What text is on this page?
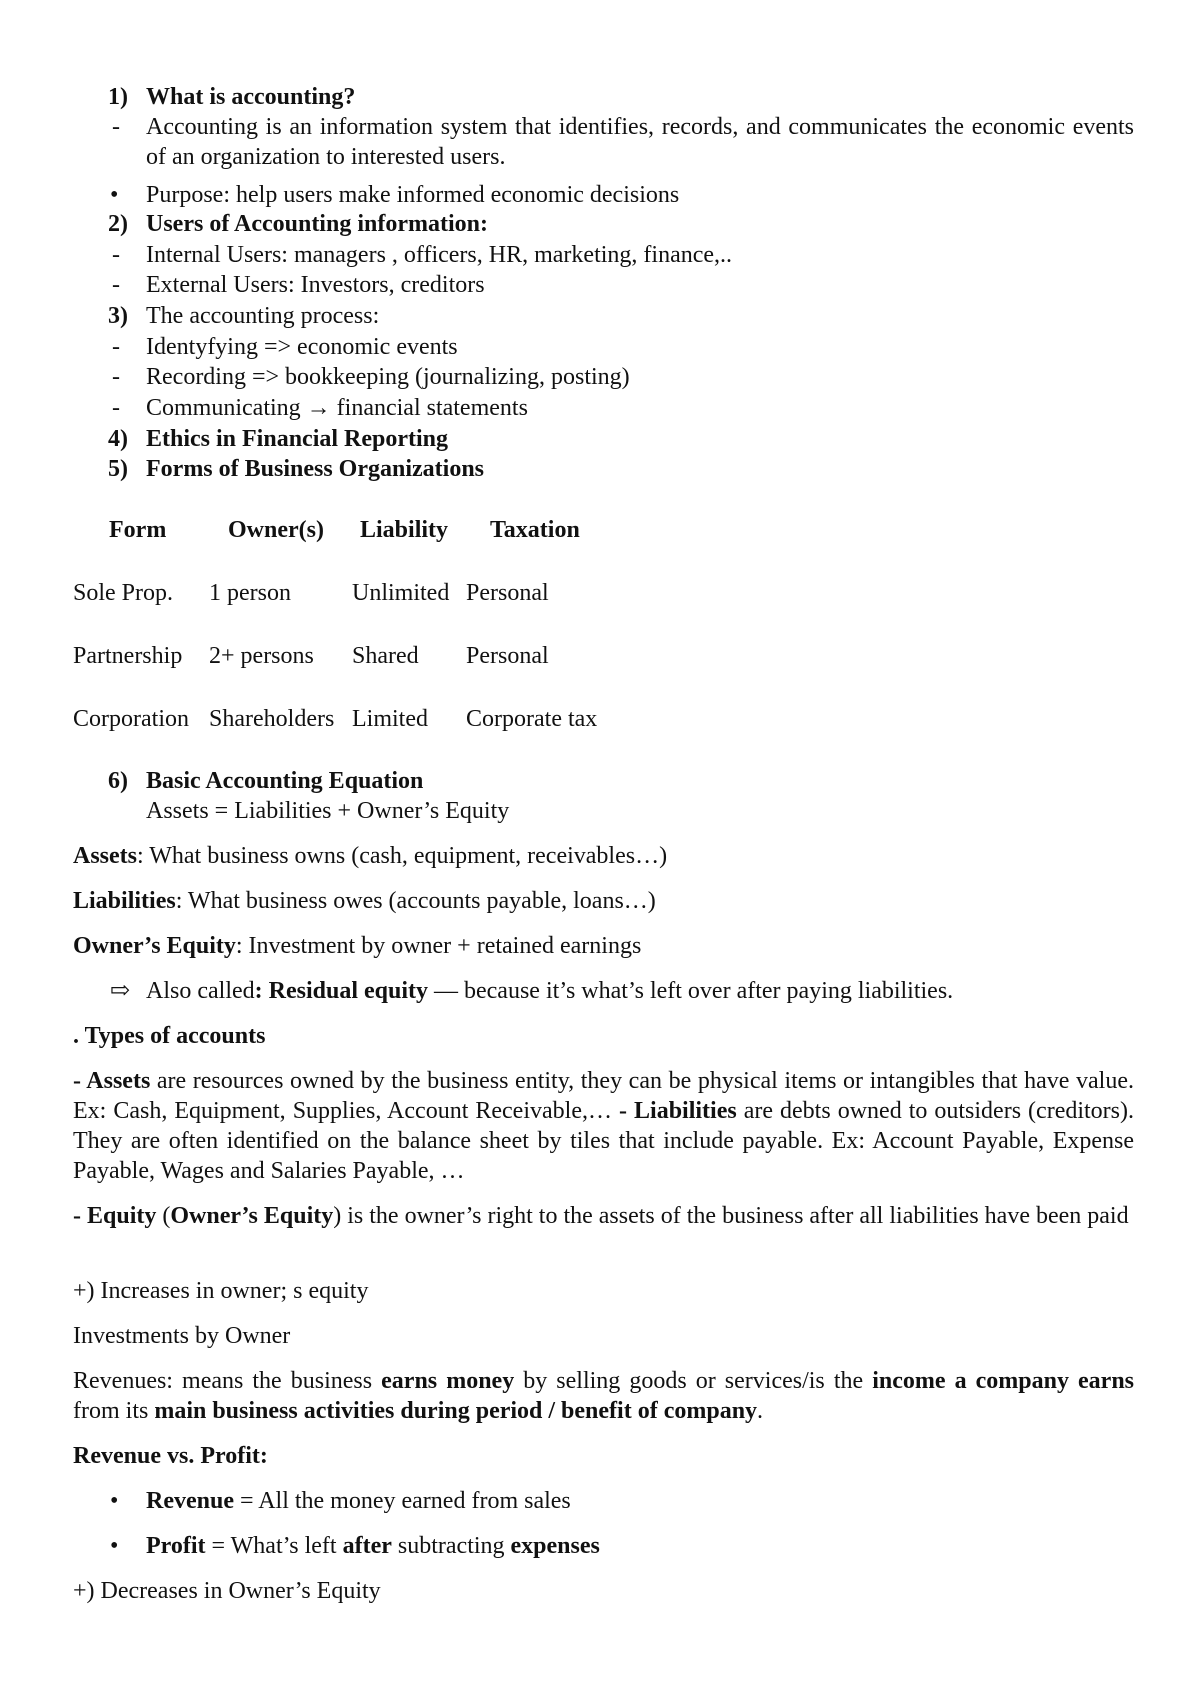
1) What is accounting?
- Accounting is an information system that identifies, records, and communicates the economic events of an organization to interested users.
• Purpose: help users make informed economic decisions
2) Users of Accounting information:
- Internal Users: managers , officers, HR, marketing, finance,..
- External Users: Investors, creditors
3) The accounting process:
- Identyfying => economic events
- Recording => bookkeeping (journalizing, posting)
- Communicating → financial statements
4) Ethics in Financial Reporting
5) Forms of Business Organizations
Form	Owner(s) Liability Taxation
Sole Prop. 1 person	Unlimited Personal
Partnership 2+ persons Shared Personal
Corporation Shareholders Limited Corporate tax
6) Basic Accounting Equation
Assets = Liabilities + Owner’s Equity
Assets: What business owns (cash, equipment, receivables…)
Liabilities: What business owes (accounts payable, loans…)
Owner’s Equity: Investment by owner + retained earnings
⇨ Also called: Residual equity — because it’s what’s left over after paying liabilities.
. Types of accounts
- Assets are resources owned by the business entity, they can be physical items or intangibles that have value. Ex: Cash, Equipment, Supplies, Account Receivable,… - Liabilities are debts owned to outsiders (creditors). They are often identified on the balance sheet by tiles that include payable. Ex: Account Payable, Expense Payable, Wages and Salaries Payable, …
- Equity (Owner’s Equity) is the owner’s right to the assets of the business after all liabilities have been paid
+) Increases in owner; s equity
Investments by Owner
Revenues: means the business earns money by selling goods or services/is the income a company earns from its main business activities during period / benefit of company.
Revenue vs. Profit:
• Revenue = All the money earned from sales
• Profit = What’s left after subtracting expenses
+) Decreases in Owner’s Equity
